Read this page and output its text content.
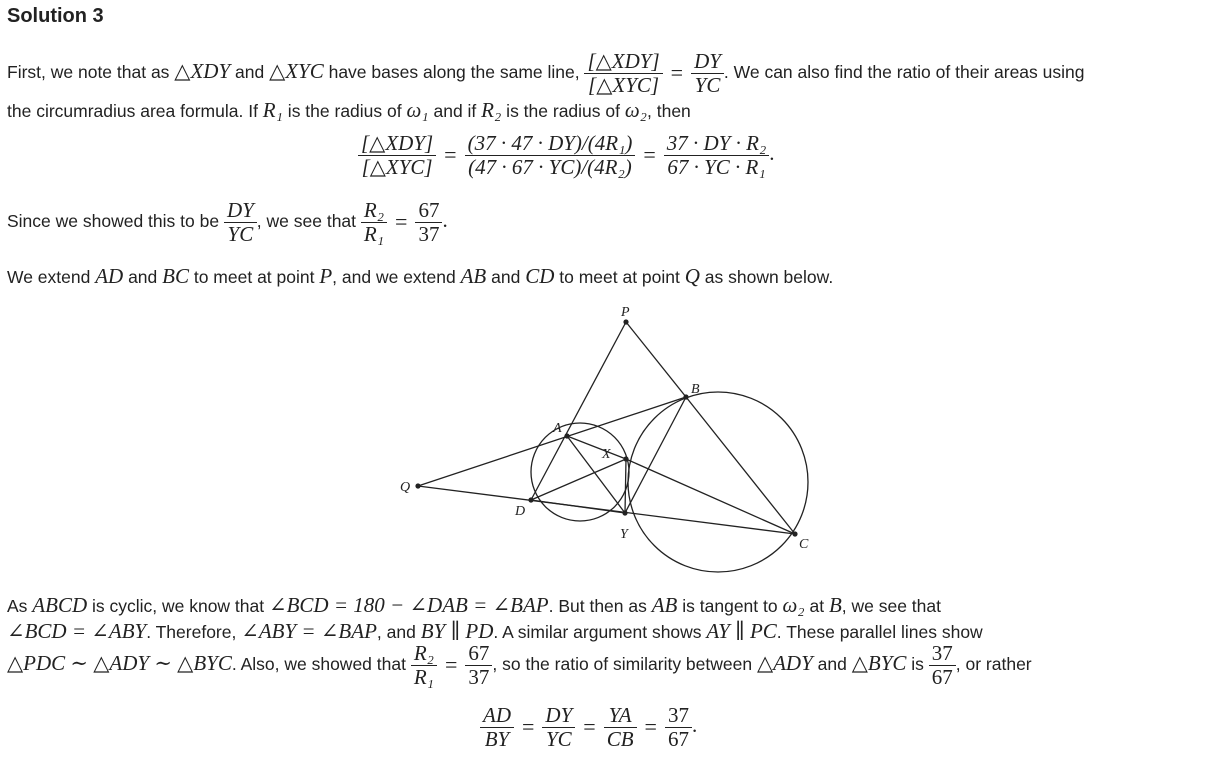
Solution 3
First, we note that as △XDY and △XYC have bases along the same line, $\frac{\text{[△XDY]}}{\text{[△XYC]}} = \frac{DY}{YC}$ . We can also find the ratio of their areas using
the circumradius area formula. If R₁ is the radius of ω₁ and if R₂ is the radius of ω₂, then
$\frac{\text{[△XDY]}}{\text{[△XYC]}} = \frac{\text{(37 · 47 · DY)/(4R₁)}}{\text{(47 · 67 · YC)/(4R₂)}} = \frac{\text{37 · DY · R₂}}{\text{67 · YC · R₁}}$ .
Since we showed this to be $\frac{DY}{YC}$ , we see that $\frac{\text{R₂}}{\text{R₁}} = \frac{67}{37}$ .
We extend AD and BC to meet at point P, and we extend AB and CD to meet at point Q as shown below.
P
B
A
X
Q
D
Y
C
As ABCD is cyclic, we know that ∠BCD = 180 − ∠DAB = ∠BAP. But then as AB is tangent to ω₂ at B, we see that
∠BCD = ∠ABY. Therefore, ∠ABY = ∠BAP, and BY ∥ PD. A similar argument shows AY ∥ PC. These parallel lines show
△PDC ∼ △ADY ∼ △BYC. Also, we showed that $\frac{\text{R₂}}{\text{R₁}} = \frac{67}{37}$ , so the ratio of similarity between △ADY and △BYC is $\frac{37}{67}$ , or rather
$\frac{AD}{BY} = \frac{DY}{YC} = \frac{YA}{CB} = \frac{37}{67}$ .
